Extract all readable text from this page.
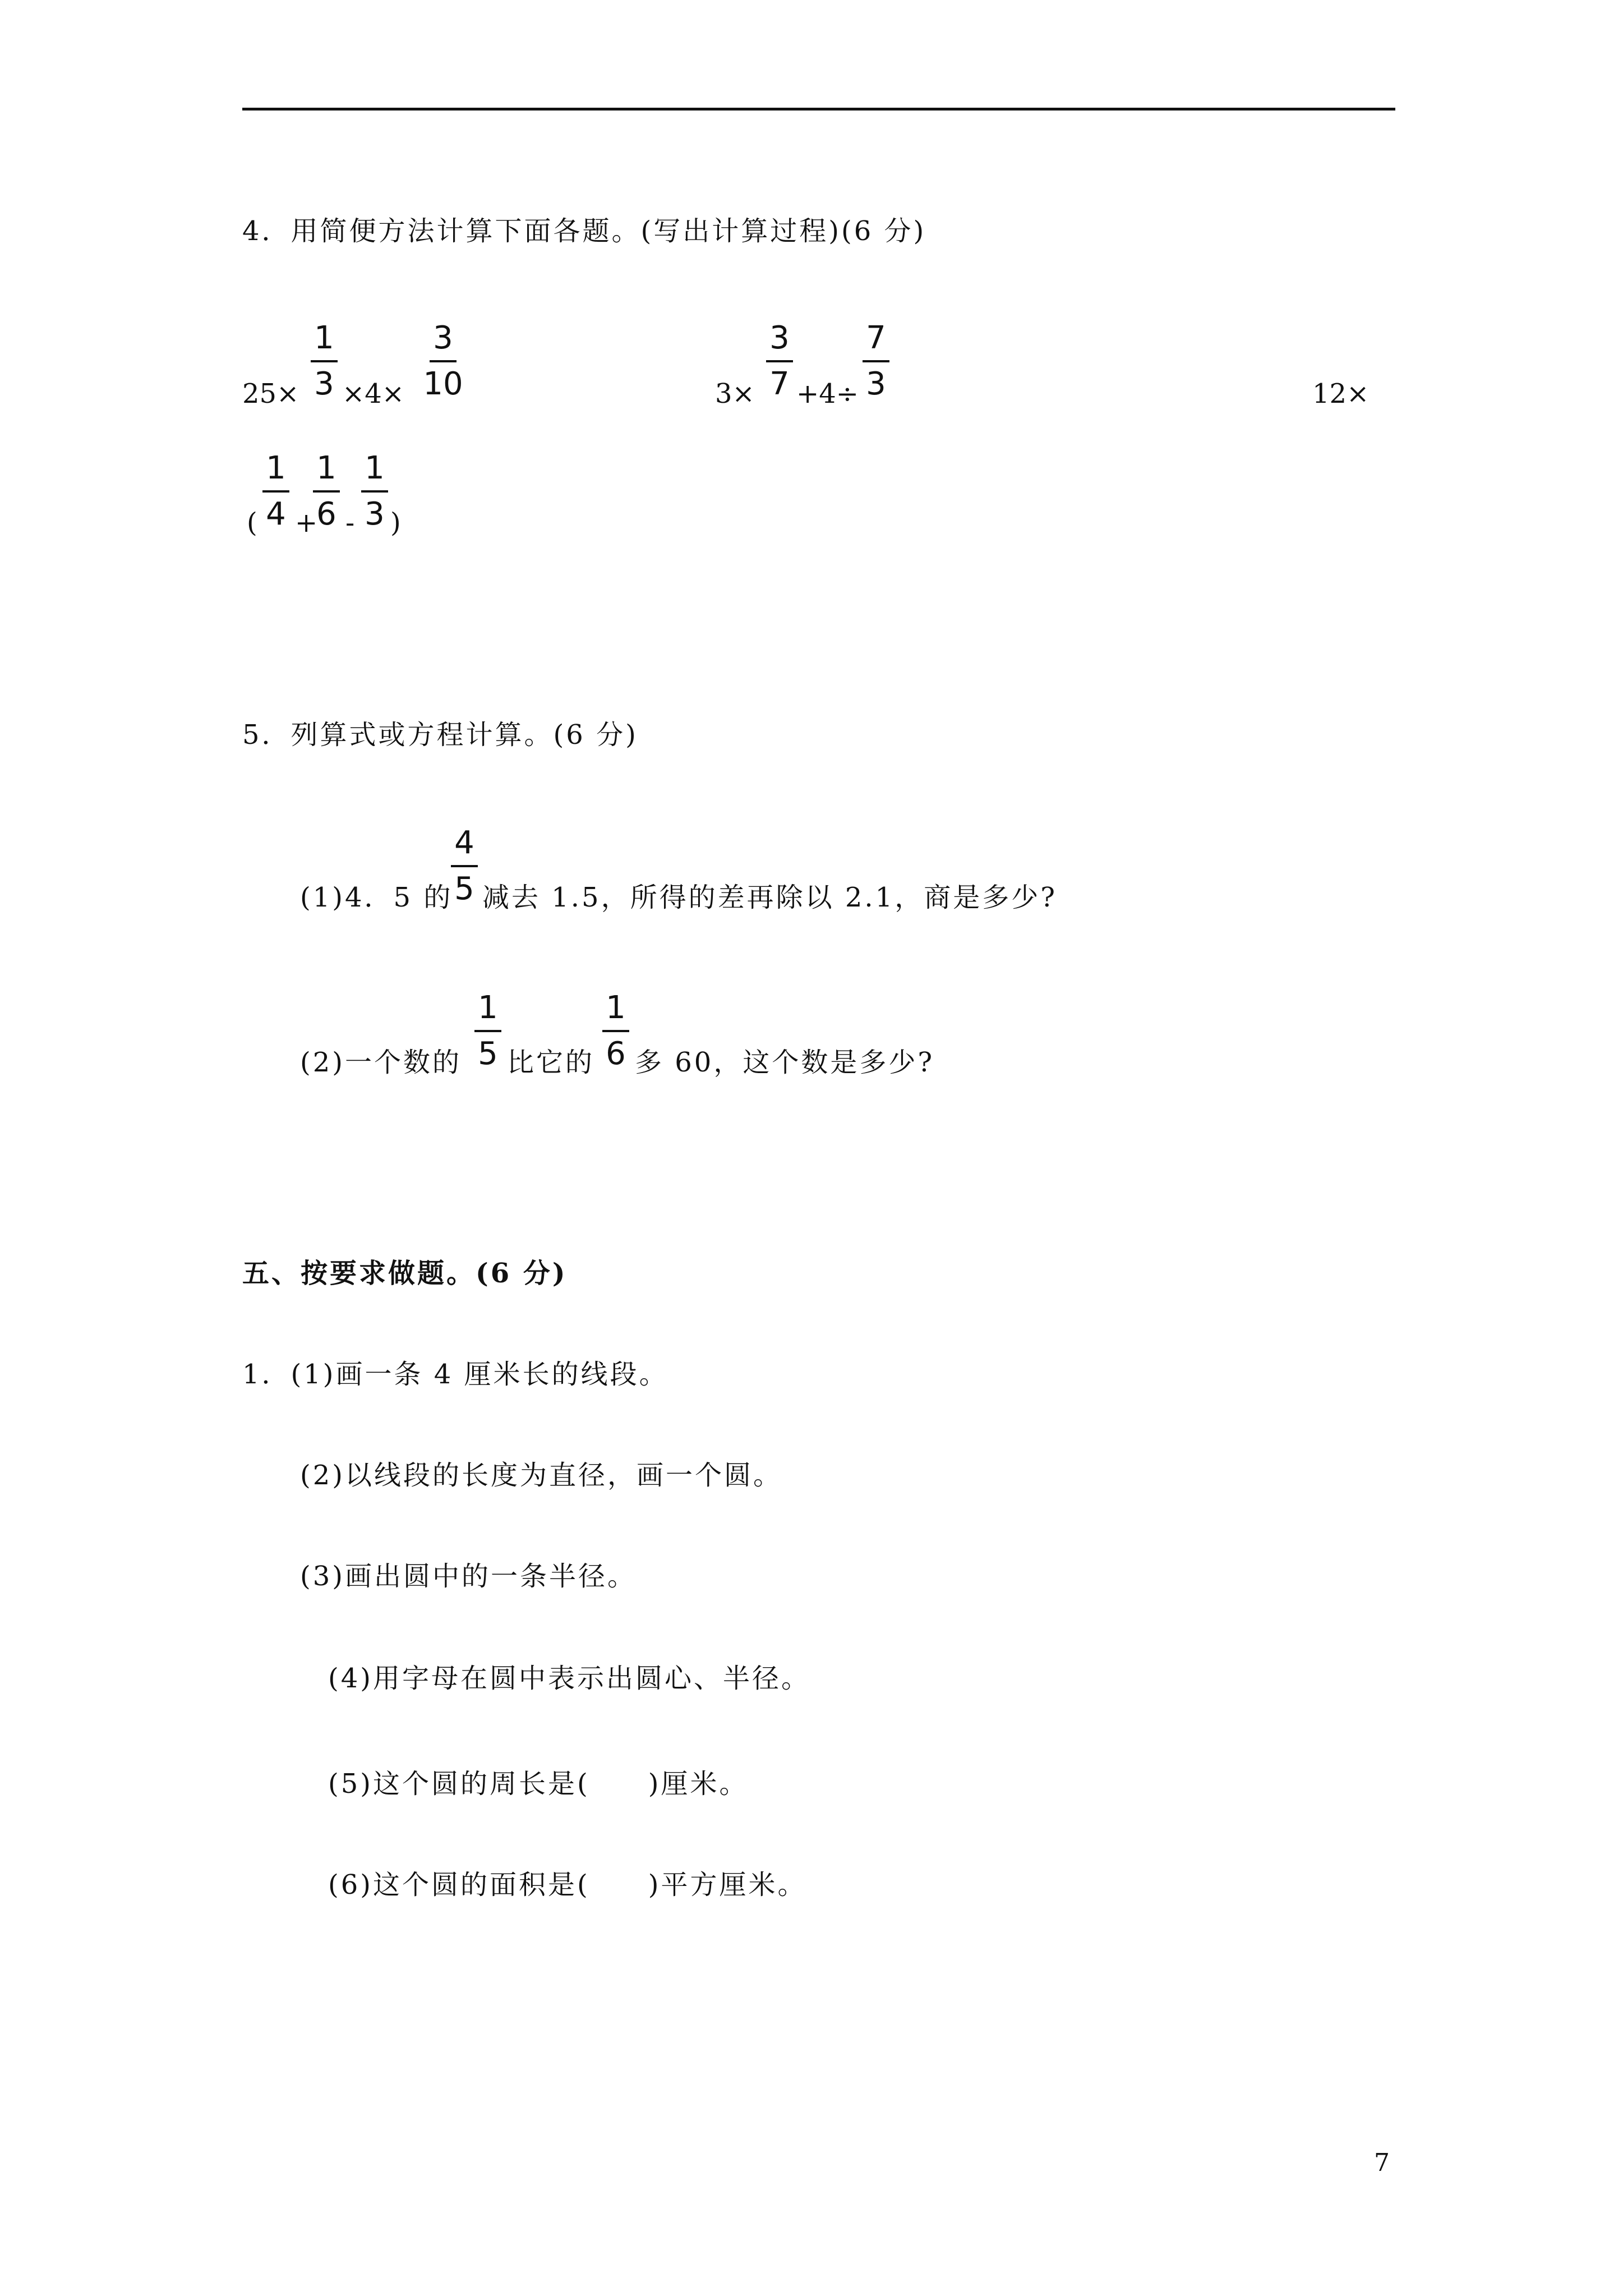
4．用简便方法计算下面各题。(写出计算过程)(6 分)
25×
1
3 ×4×
3
10	3×
3
7 +4÷
7
3	12×
(
1
4 +
1
6 -
1
3 )
5．列算式或方程计算。(6 分)
(1)4．5 的
4
5 减去 1.5，所得的差再除以 2.1，商是多少?
(2)一个数的
1
5 比它的
1
6 多 60，这个数是多少?
五、按要求做题。(6 分)
1．(1)画一条 4 厘米长的线段。
(2)以线段的长度为直径，画一个圆。
(3)画出圆中的一条半径。
(4)用字母在圆中表示出圆心、半径。
(5)这个圆的周长是(　　)厘米。
(6)这个圆的面积是(　　)平方厘米。
7
